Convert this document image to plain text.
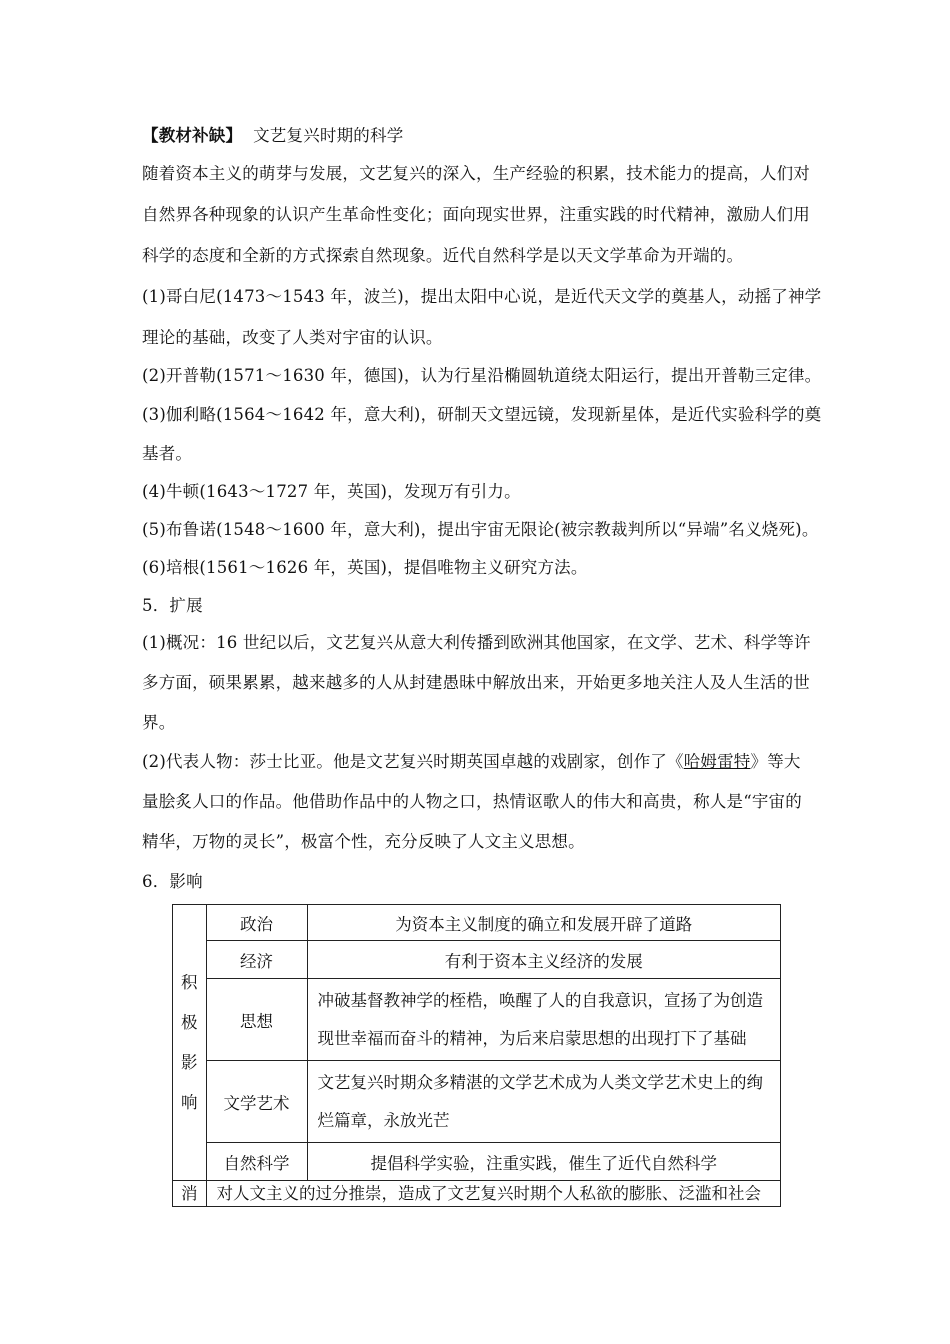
【教材补缺】 文艺复兴时期的科学
随着资本主义的萌芽与发展，文艺复兴的深入，生产经验的积累，技术能力的提高，人们对
自然界各种现象的认识产生革命性变化；面向现实世界，注重实践的时代精神，激励人们用
科学的态度和全新的方式探索自然现象。近代自然科学是以天文学革命为开端的。
(1)哥白尼(1473～1543 年，波兰)，提出太阳中心说，是近代天文学的奠基人，动摇了神学
理论的基础，改变了人类对宇宙的认识。
(2)开普勒(1571～1630 年，德国)，认为行星沿椭圆轨道绕太阳运行，提出开普勒三定律。
(3)伽利略(1564～1642 年，意大利)，研制天文望远镜，发现新星体，是近代实验科学的奠
基者。
(4)牛顿(1643～1727 年，英国)，发现万有引力。
(5)布鲁诺(1548～1600 年，意大利)，提出宇宙无限论(被宗教裁判所以“异端”名义烧死)。
(6)培根(1561～1626 年，英国)，提倡唯物主义研究方法。
5．扩展
(1)概况：16 世纪以后，文艺复兴从意大利传播到欧洲其他国家，在文学、艺术、科学等许
多方面，硕果累累，越来越多的人从封建愚昧中解放出来，开始更多地关注人及人生活的世
界。
(2)代表人物：莎士比亚。他是文艺复兴时期英国卓越的戏剧家，创作了《哈姆雷特》等大
量脍炙人口的作品。他借助作品中的人物之口，热情讴歌人的伟大和高贵，称人是“宇宙的
精华，万物的灵长”，极富个性，充分反映了人文主义思想。
6．影响
积
极
影
响	政治	为资本主义制度的确立和发展开辟了道路
	经济	有利于资本主义经济的发展
	思想	冲破基督教神学的桎梏，唤醒了人的自我意识，宣扬了为创造
现世幸福而奋斗的精神，为后来启蒙思想的出现打下了基础

	文学艺术	文艺复兴时期众多精湛的文学艺术成为人类文学艺术史上的绚
烂篇章，永放光芒

	自然科学	提倡科学实验，注重实践，催生了近代自然科学
消	对人文主义的过分推崇，造成了文艺复兴时期个人私欲的膨胀、泛滥和社会	
